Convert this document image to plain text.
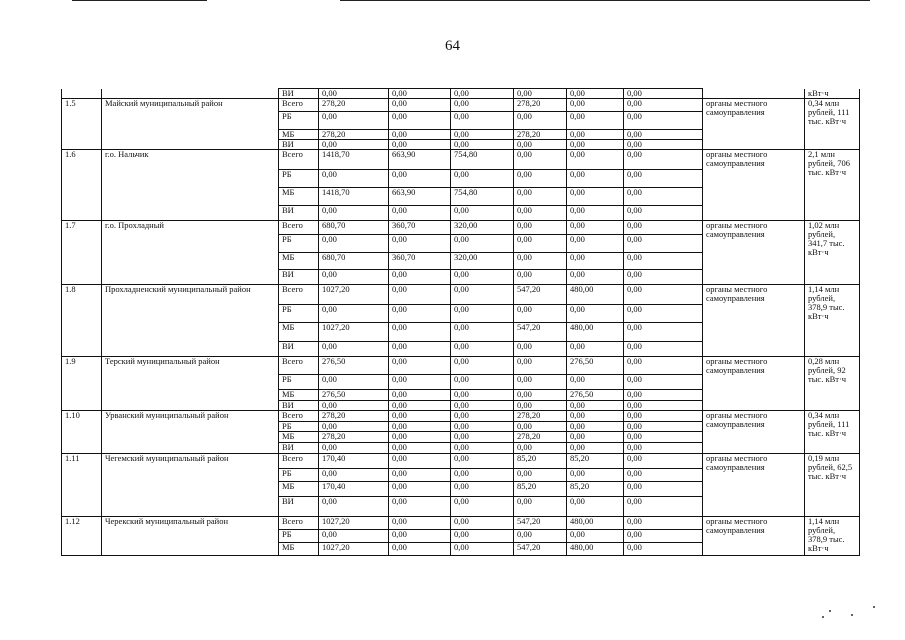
64
		ВИ	0,00	0,00	0,00	0,00	0,00	0,00		кВт·ч
1.5	Майский муниципальный район	Всего	278,20	0,00	0,00	278,20	0,00	0,00	органы местного самоуправления	0,34 млн рублей, 111 тыс. кВт·ч
		РБ	0,00	0,00	0,00	0,00	0,00	0,00		
		МБ	278,20	0,00	0,00	278,20	0,00	0,00		
		ВИ	0,00	0,00	0,00	0,00	0,00	0,00		
1.6	г.о. Нальчик	Всего	1418,70	663,90	754,80	0,00	0,00	0,00	органы местного самоуправления	2,1 млн рублей, 706 тыс. кВт·ч
		РБ	0,00	0,00	0,00	0,00	0,00	0,00		
		МБ	1418,70	663,90	754,80	0,00	0,00	0,00		
		ВИ	0,00	0,00	0,00	0,00	0,00	0,00		
1.7	г.о. Прохладный	Всего	680,70	360,70	320,00	0,00	0,00	0,00	органы местного самоуправления	1,02 млн рублей, 341,7 тыс. кВт·ч
		РБ	0,00	0,00	0,00	0,00	0,00	0,00		
		МБ	680,70	360,70	320,00	0,00	0,00	0,00		
		ВИ	0,00	0,00	0,00	0,00	0,00	0,00		
1.8	Прохладненский муниципальный район	Всего	1027,20	0,00	0,00	547,20	480,00	0,00	органы местного самоуправления	1,14 млн рублей, 378,9 тыс. кВт·ч
		РБ	0,00	0,00	0,00	0,00	0,00	0,00		
		МБ	1027,20	0,00	0,00	547,20	480,00	0,00		
		ВИ	0,00	0,00	0,00	0,00	0,00	0,00		
1.9	Терский муниципальный район	Всего	276,50	0,00	0,00	0,00	276,50	0,00	органы местного самоуправления	0,28 млн рублей, 92 тыс. кВт·ч
		РБ	0,00	0,00	0,00	0,00	0,00	0,00		
		МБ	276,50	0,00	0,00	0,00	276,50	0,00		
		ВИ	0,00	0,00	0,00	0,00	0,00	0,00		
1.10	Урванский муниципальный район	Всего	278,20	0,00	0,00	278,20	0,00	0,00	органы местного самоуправления	0,34 млн рублей, 111 тыс. кВт·ч
		РБ	0,00	0,00	0,00	0,00	0,00	0,00		
		МБ	278,20	0,00	0,00	278,20	0,00	0,00		
		ВИ	0,00	0,00	0,00	0,00	0,00	0,00		
1.11	Чегемский муниципальный район	Всего	170,40	0,00	0,00	85,20	85,20	0,00	органы местного самоуправления	0,19 млн рублей, 62,5 тыс. кВт·ч
		РБ	0,00	0,00	0,00	0,00	0,00	0,00		
		МБ	170,40	0,00	0,00	85,20	85,20	0,00		
		ВИ	0,00	0,00	0,00	0,00	0,00	0,00		
1.12	Черекский муниципальный район	Всего	1027,20	0,00	0,00	547,20	480,00	0,00	органы местного самоуправления	1,14 млн рублей, 378,9 тыс. кВт·ч
		РБ	0,00	0,00	0,00	0,00	0,00	0,00		
		МБ	1027,20	0,00	0,00	547,20	480,00	0,00		
